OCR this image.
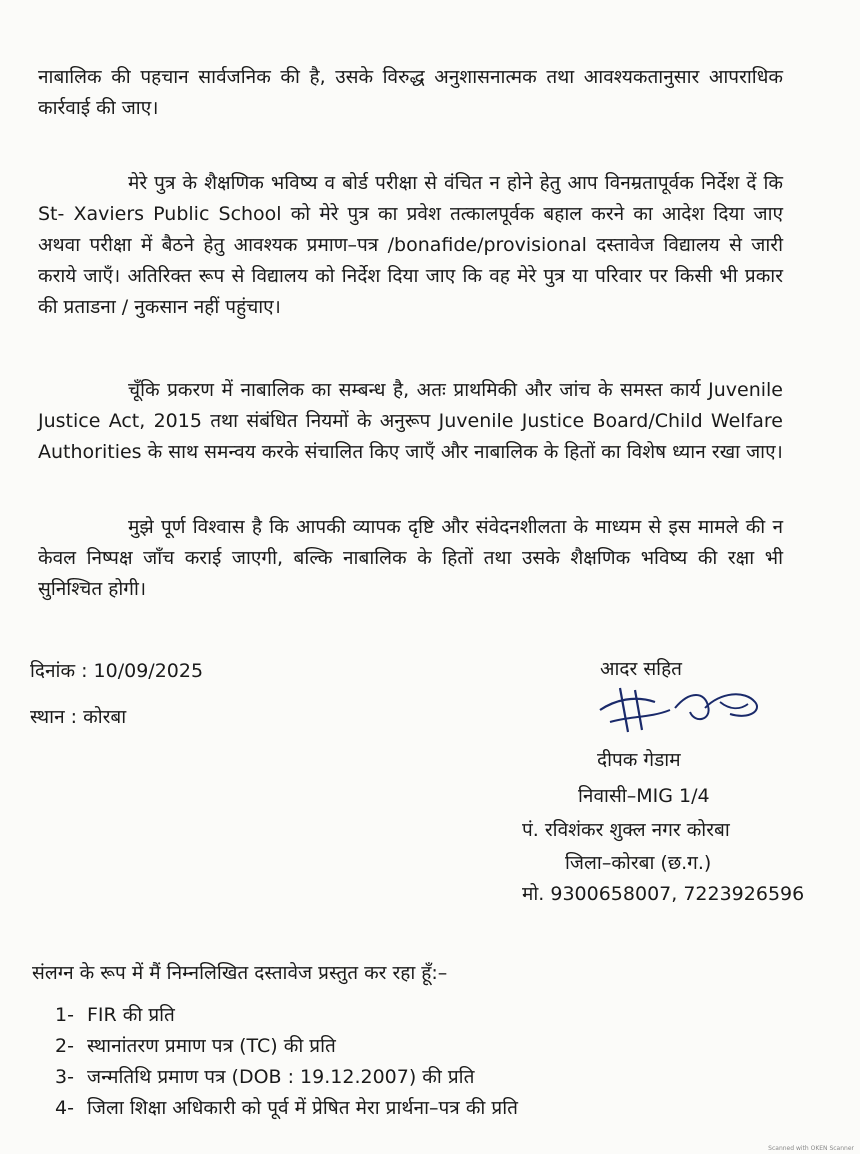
नाबालिक की पहचान सार्वजनिक की है, उसके विरुद्ध अनुशासनात्मक तथा आवश्यकतानुसार आपराधिक कार्रवाई की जाए।

मेरे पुत्र के शैक्षणिक भविष्य व बोर्ड परीक्षा से वंचित न होने हेतु आप विनम्रतापूर्वक निर्देश दें कि St- Xaviers Public School को मेरे पुत्र का प्रवेश तत्कालपूर्वक बहाल करने का आदेश दिया जाए अथवा परीक्षा में बैठने हेतु आवश्यक प्रमाण–पत्र /bonafide/provisional दस्तावेज विद्यालय से जारी कराये जाएँ। अतिरिक्त रूप से विद्यालय को निर्देश दिया जाए कि वह मेरे पुत्र या परिवार पर किसी भी प्रकार की प्रताडना / नुकसान नहीं पहुंचाए।

चूँकि प्रकरण में नाबालिक का सम्बन्ध है, अतः प्राथमिकी और जांच के समस्त कार्य Juvenile Justice Act, 2015 तथा संबंधित नियमों के अनुरूप Juvenile Justice Board/Child Welfare Authorities के साथ समन्वय करके संचालित किए जाएँ और नाबालिक के हितों का विशेष ध्यान रखा जाए।

मुझे पूर्ण विश्वास है कि आपकी व्यापक दृष्टि और संवेदनशीलता के माध्यम से इस मामले की न केवल निष्पक्ष जाँच कराई जाएगी, बल्कि नाबालिक के हितों तथा उसके शैक्षणिक भविष्य की रक्षा भी सुनिश्चित होगी।

दिनांक : 10/09/2025
स्थान : कोरबा
आदर सहित
दीपक गेडाम
निवासी–MIG 1/4
पं. रविशंकर शुक्ल नगर कोरबा
जिला–कोरबा (छ.ग.)
मो. 9300658007, 7223926596
संलग्न के रूप में मैं निम्नलिखित दस्तावेज प्रस्तुत कर रहा हूँ:–
1- FIR की प्रति
2- स्थानांतरण प्रमाण पत्र (TC) की प्रति
3- जन्मतिथि प्रमाण पत्र (DOB : 19.12.2007) की प्रति
4- जिला शिक्षा अधिकारी को पूर्व में प्रेषित मेरा प्रार्थना–पत्र की प्रति
Scanned with OKEN Scanner
